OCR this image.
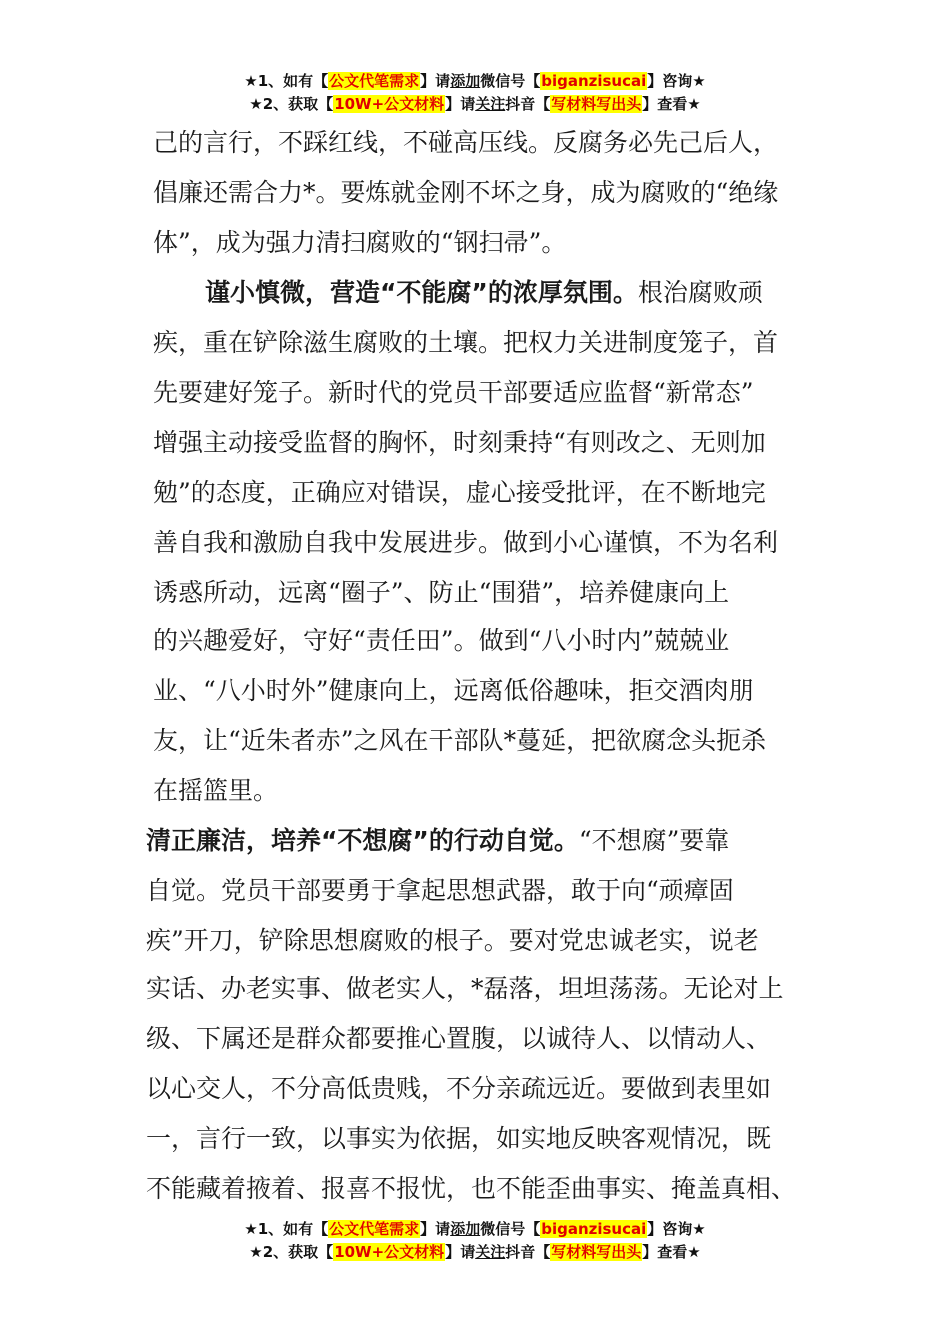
★1、如有【公文代笔需求】请添加微信号【biganzisucai】咨询★
★2、获取【10W+公文材料】请关注抖音【写材料写出头】查看★
己的言行，不踩红线，不碰高压线。反腐务必先己后人，
倡廉还需合力*。要炼就金刚不坏之身，成为腐败的“绝缘
体”，成为强力清扫腐败的“钢扫帚”。
谨小慎微，营造“不能腐”的浓厚氛围。根治腐败顽
疾，重在铲除滋生腐败的土壤。把权力关进制度笼子，首
先要建好笼子。新时代的党员干部要适应监督“新常态”
增强主动接受监督的胸怀，时刻秉持“有则改之、无则加
勉”的态度，正确应对错误，虚心接受批评，在不断地完
善自我和激励自我中发展进步。做到小心谨慎，不为名利
诱惑所动，远离“圈子”、防止“围猎”，培养健康向上
的兴趣爱好，守好“责任田”。做到“八小时内”兢兢业
业、“八小时外”健康向上，远离低俗趣味，拒交酒肉朋
友，让“近朱者赤”之风在干部队*蔓延，把欲腐念头扼杀
在摇篮里。
清正廉洁，培养“不想腐”的行动自觉。“不想腐”要靠
自觉。党员干部要勇于拿起思想武器，敢于向“顽瘴固
疾”开刀，铲除思想腐败的根子。要对党忠诚老实，说老
实话、办老实事、做老实人，*磊落，坦坦荡荡。无论对上
级、下属还是群众都要推心置腹，以诚待人、以情动人、
以心交人，不分高低贵贱，不分亲疏远近。要做到表里如
一，言行一致，以事实为依据，如实地反映客观情况，既
不能藏着掖着、报喜不报忧，也不能歪曲事实、掩盖真相、
★1、如有【公文代笔需求】请添加微信号【biganzisucai】咨询★
★2、获取【10W+公文材料】请关注抖音【写材料写出头】查看★
